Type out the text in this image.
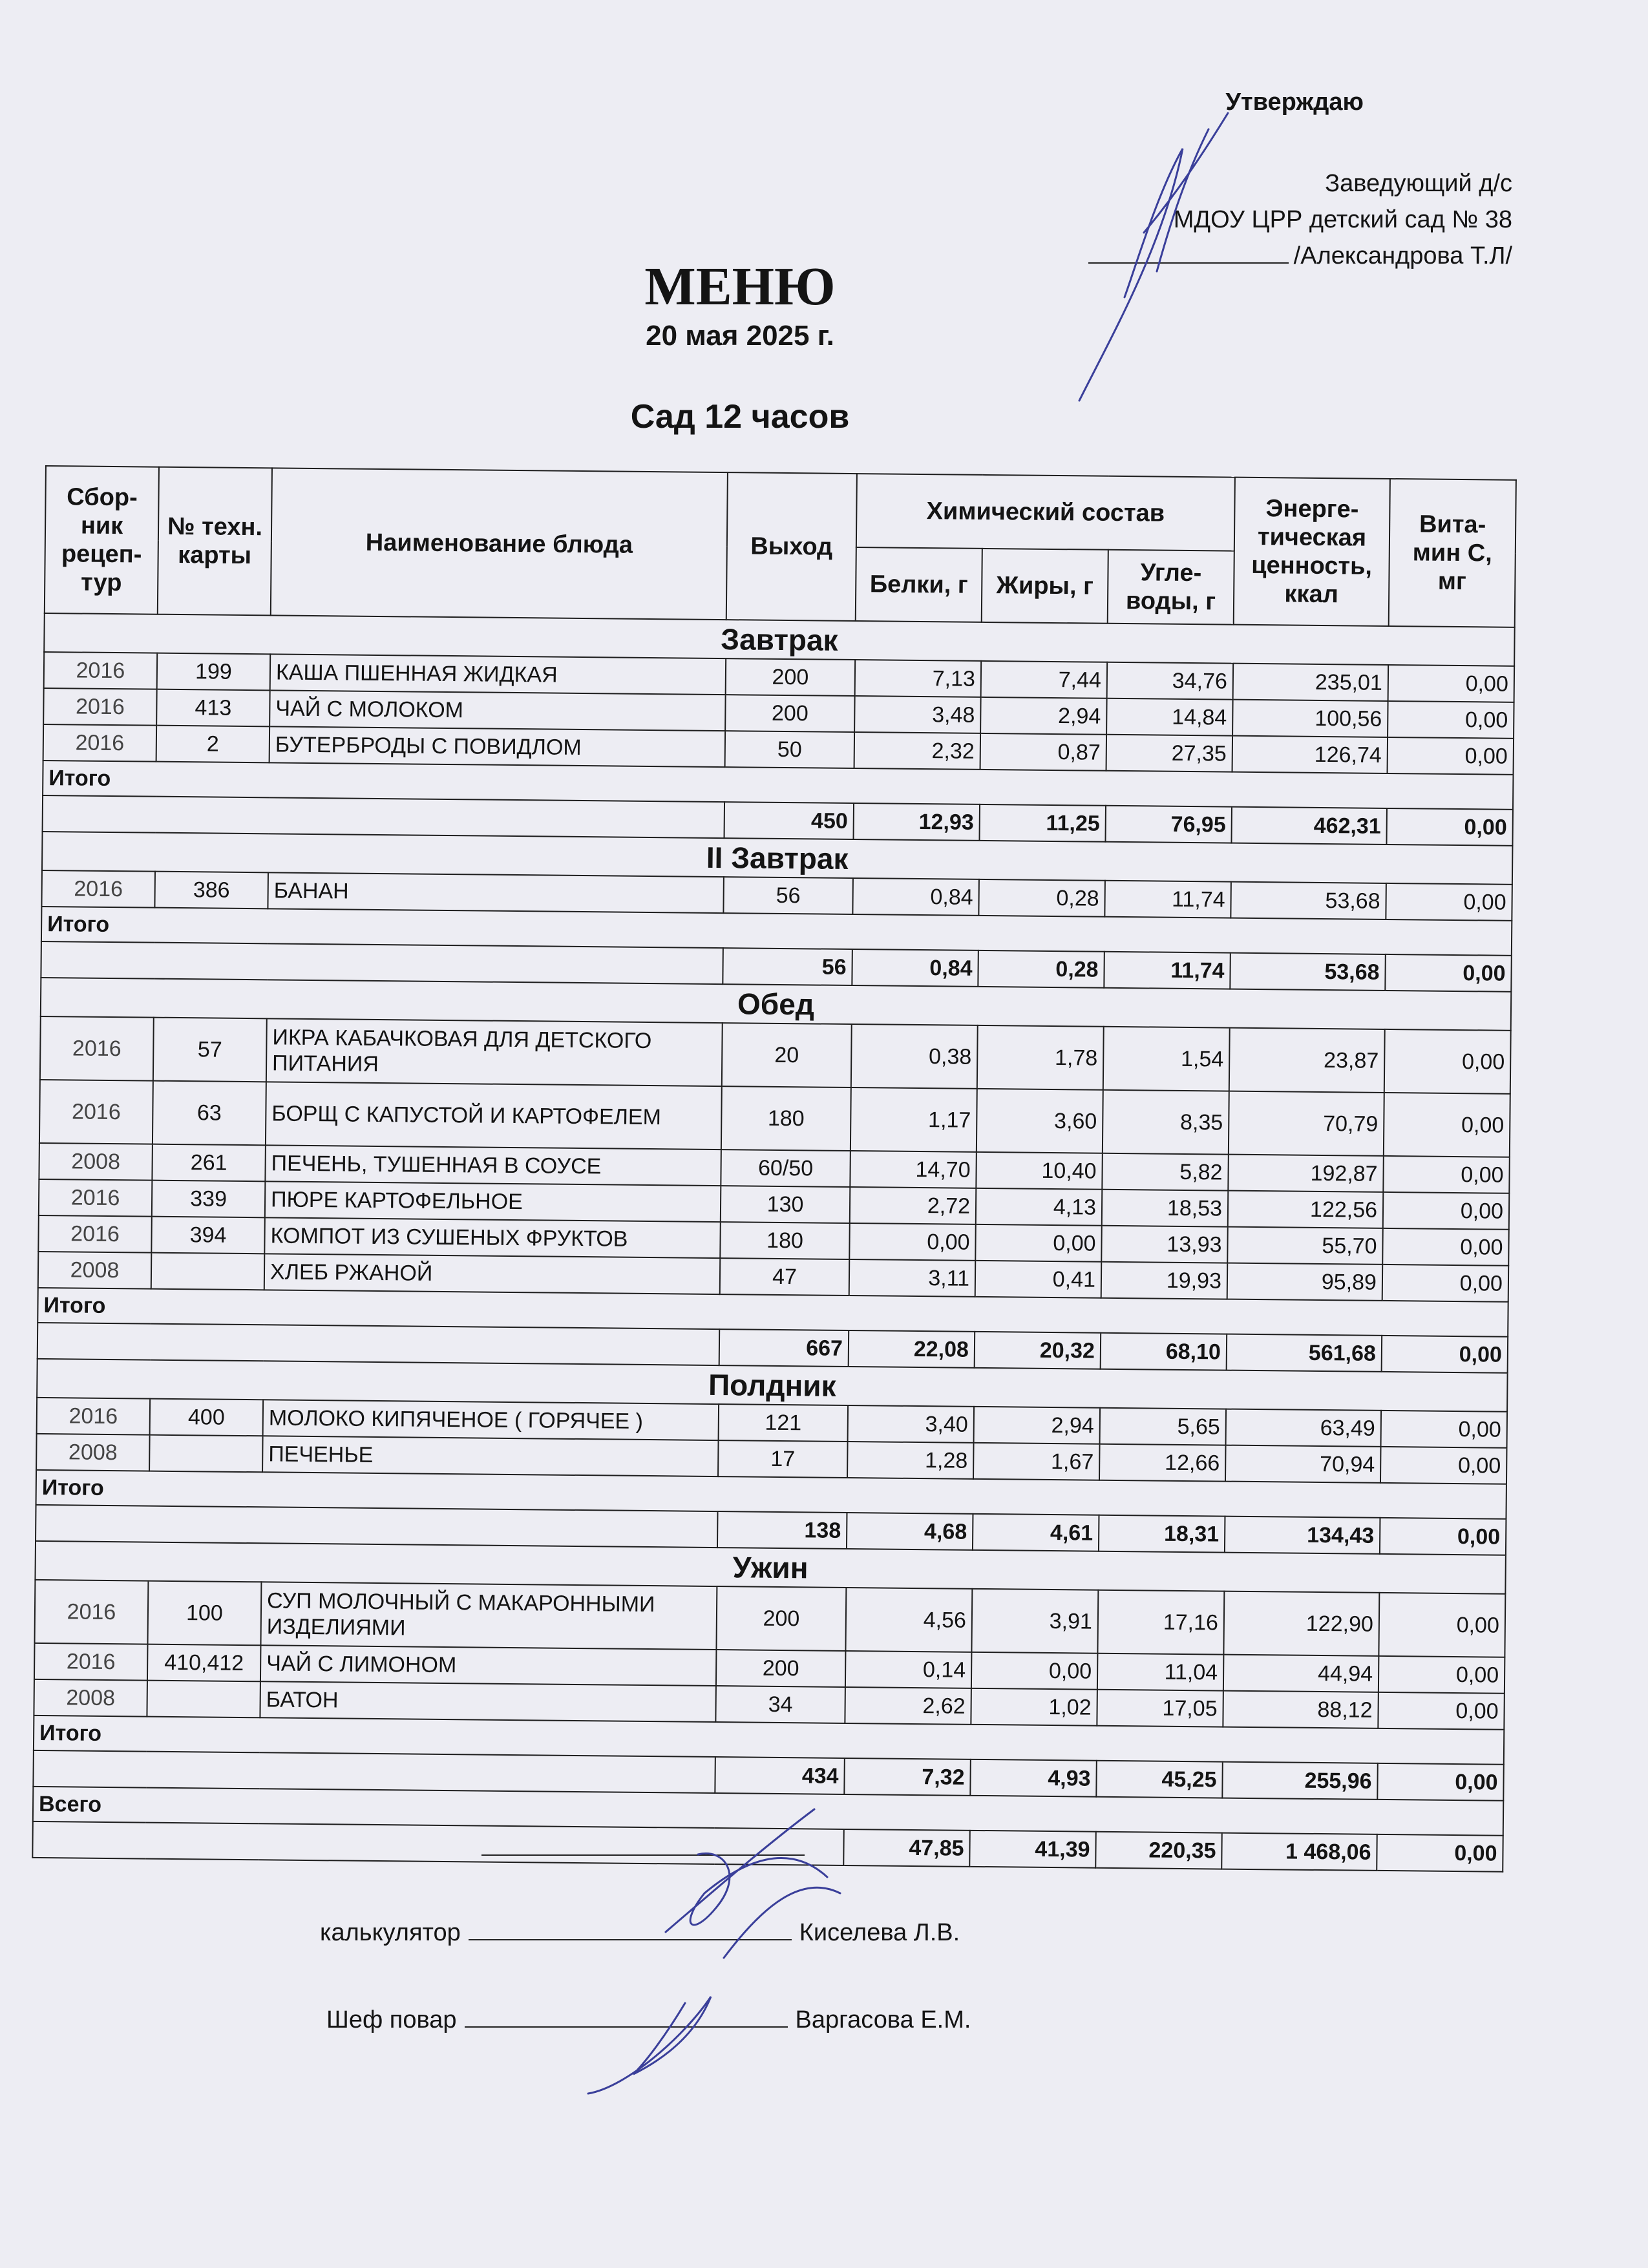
Утверждаю
Заведующий д/с
МДОУ ЦРР детский сад № 38
/Александрова Т.Л/
МЕНЮ
20 мая 2025 г.
Сад 12 часов
Сбор- ник рецеп- тур	№ техн. карты	Наименование блюда	Выход	Химический состав			Энерге- тическая ценность, ккал	Вита- мин С, мг
				Белки, г	Жиры, г	Угле- воды, г		
Завтрак								
2016	199	КАША ПШЕННАЯ ЖИДКАЯ	200	7,13	7,44	34,76	235,01	0,00
2016	413	ЧАЙ С МОЛОКОМ	200	3,48	2,94	14,84	100,56	0,00
2016	2	БУТЕРБРОДЫ С ПОВИДЛОМ	50	2,32	0,87	27,35	126,74	0,00
Итого								
			450	12,93	11,25	76,95	462,31	0,00
II Завтрак								
2016	386	БАНАН	56	0,84	0,28	11,74	53,68	0,00
Итого								
			56	0,84	0,28	11,74	53,68	0,00
Обед								
2016	57	ИКРА КАБАЧКОВАЯ ДЛЯ ДЕТСКОГО ПИТАНИЯ	20	0,38	1,78	1,54	23,87	0,00
2016	63	БОРЩ С КАПУСТОЙ И КАРТОФЕЛЕМ	180	1,17	3,60	8,35	70,79	0,00
2008	261	ПЕЧЕНЬ, ТУШЕННАЯ В СОУСЕ	60/50	14,70	10,40	5,82	192,87	0,00
2016	339	ПЮРЕ КАРТОФЕЛЬНОЕ	130	2,72	4,13	18,53	122,56	0,00
2016	394	КОМПОТ ИЗ СУШЕНЫХ ФРУКТОВ	180	0,00	0,00	13,93	55,70	0,00
2008		ХЛЕБ РЖАНОЙ	47	3,11	0,41	19,93	95,89	0,00
Итого								
			667	22,08	20,32	68,10	561,68	0,00
Полдник								
2016	400	МОЛОКО КИПЯЧЕНОЕ ( ГОРЯЧЕЕ )	121	3,40	2,94	5,65	63,49	0,00
2008		ПЕЧЕНЬЕ	17	1,28	1,67	12,66	70,94	0,00
Итого								
			138	4,68	4,61	18,31	134,43	0,00
Ужин								
2016	100	СУП МОЛОЧНЫЙ С МАКАРОННЫМИ ИЗДЕЛИЯМИ	200	4,56	3,91	17,16	122,90	0,00
2016	410,412	ЧАЙ С ЛИМОНОМ	200	0,14	0,00	11,04	44,94	0,00
2008		БАТОН	34	2,62	1,02	17,05	88,12	0,00
Итого								
			434	7,32	4,93	45,25	255,96	0,00
Всего								
				47,85	41,39	220,35	1 468,06	0,00
калькулятор	Киселева Л.В.
Шеф повар	Варгасова Е.М.
